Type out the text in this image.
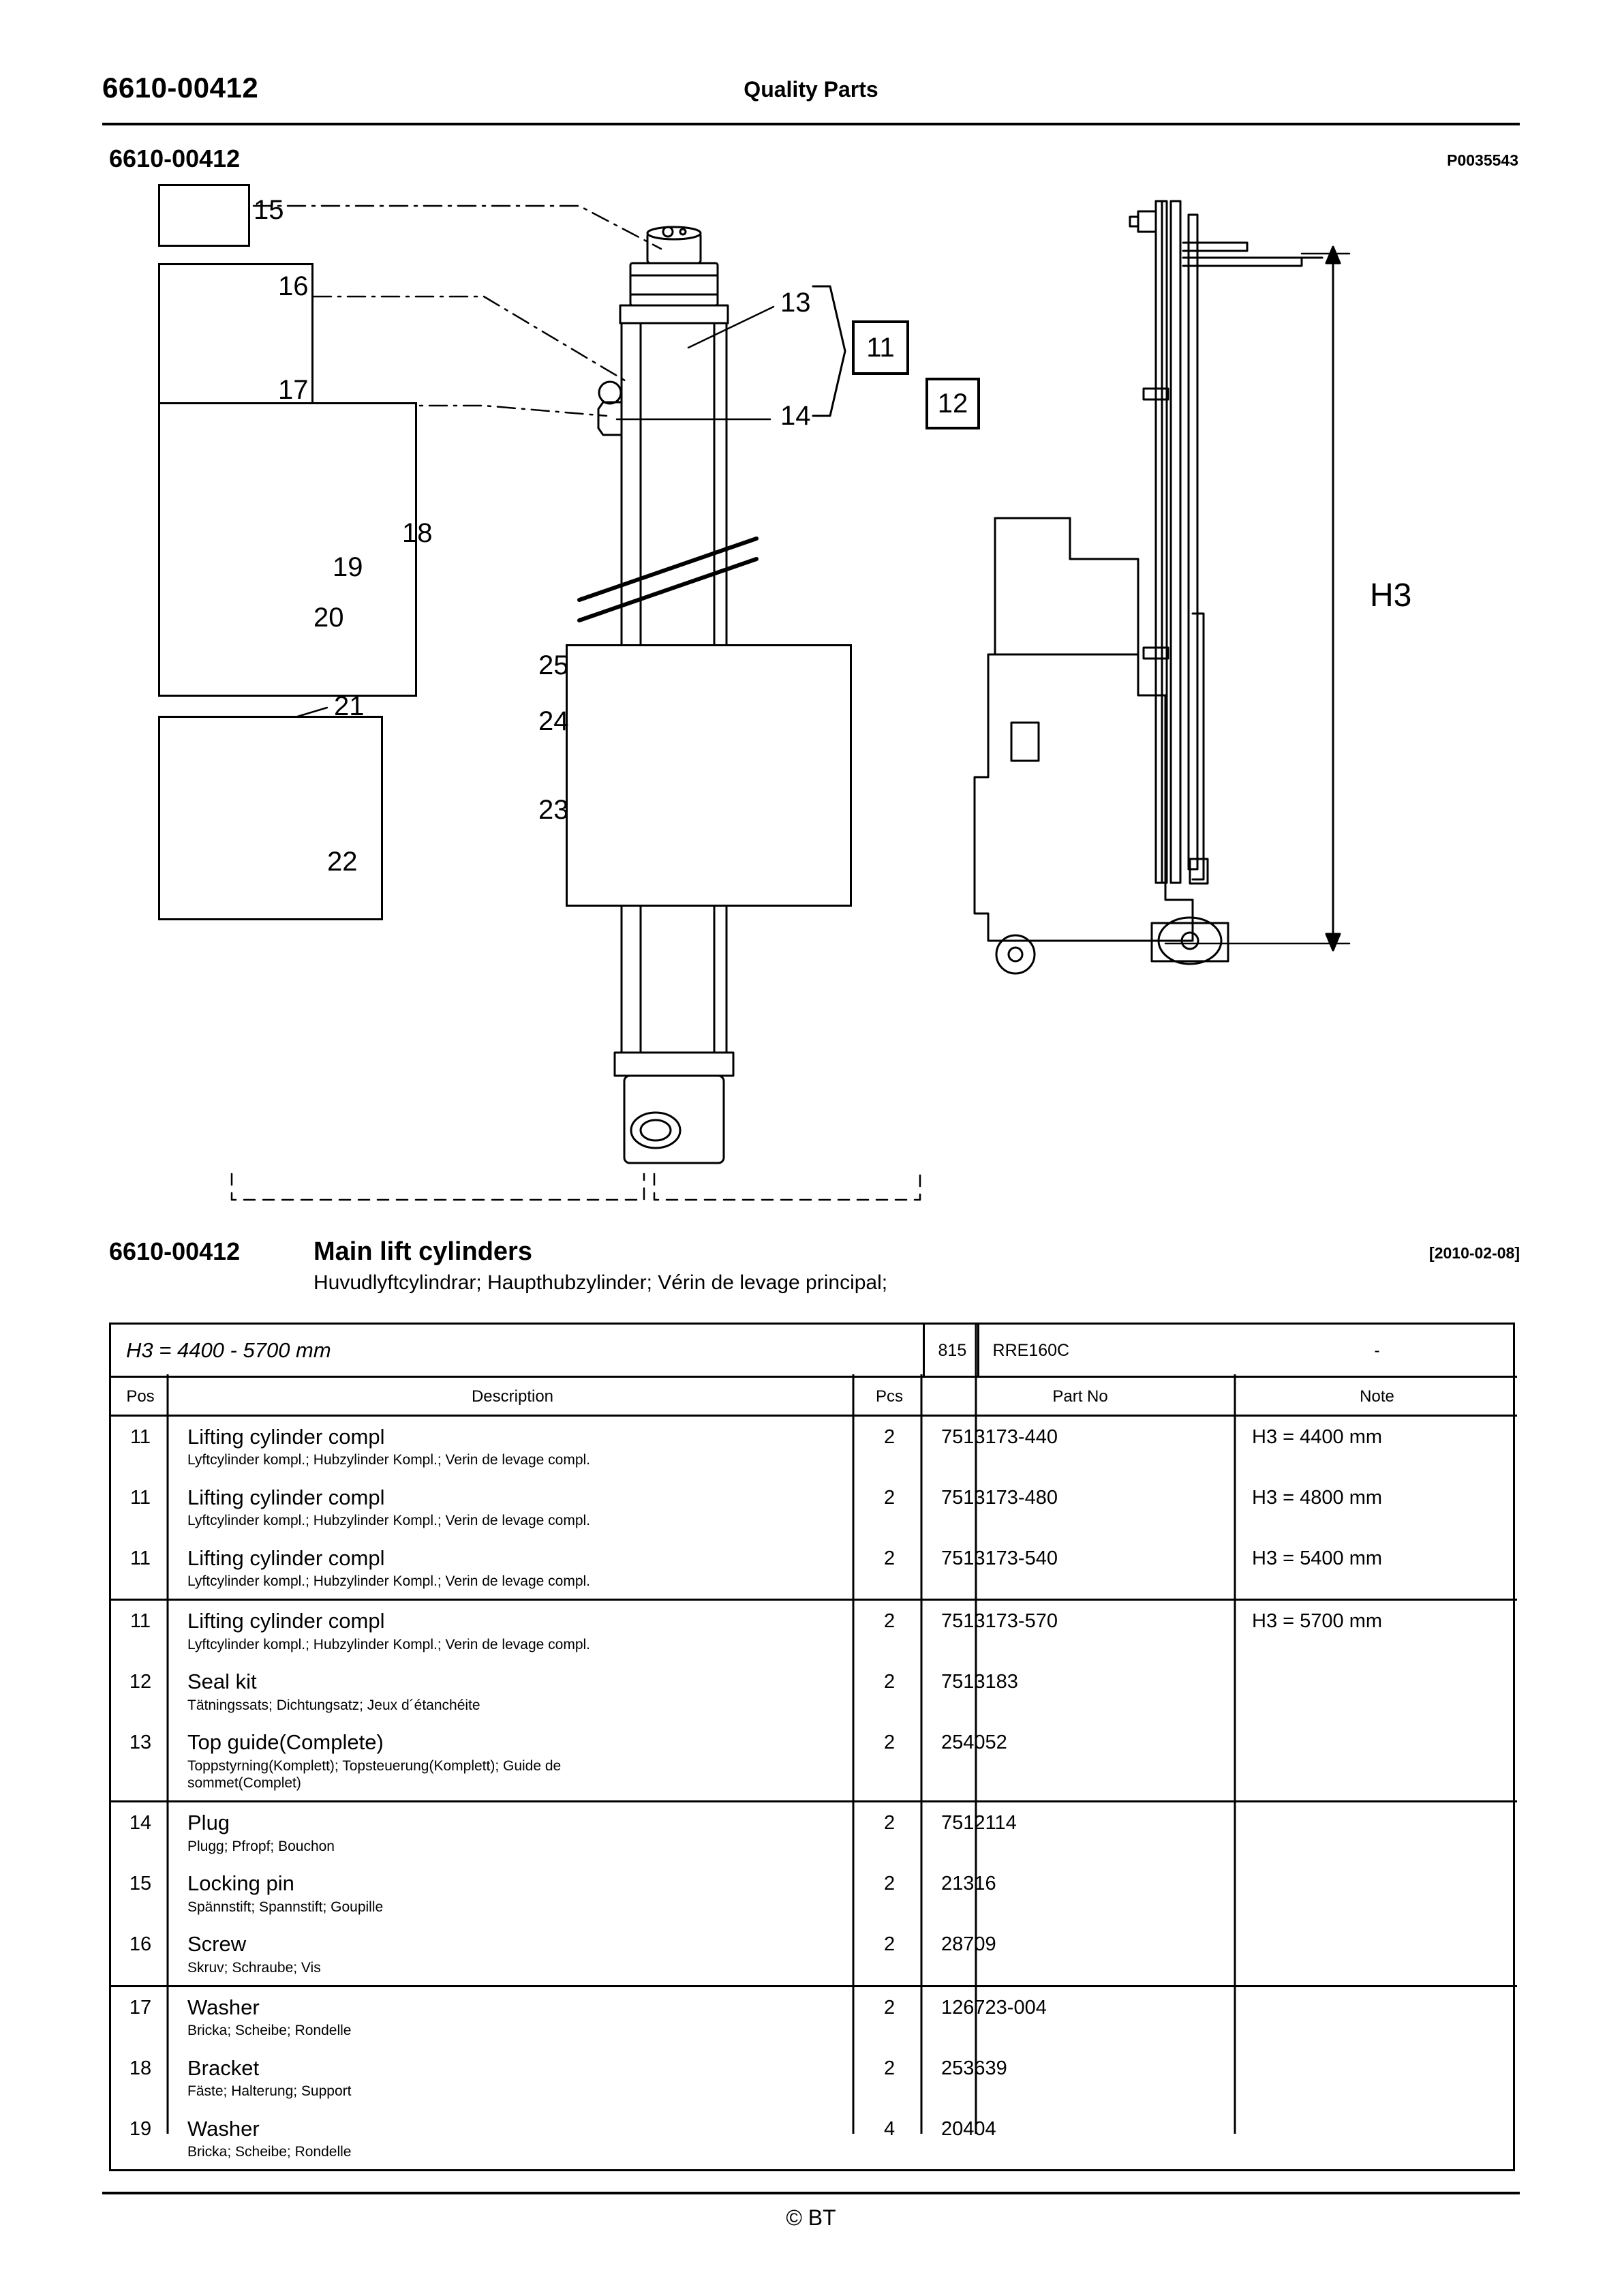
6610-00412	Quality Parts
6610-00412	P0035543
15
16
17
18
19
20
21
22
23
24
25
13
14
11
12
H3
6610-00412	Main lift cylinders
Huvudlyftcylindrar; Haupthubzylinder; Vérin de levage principal;
[2010-02-08]
H3 = 4400 - 5700 mm			815	RRE160C	-
Pos	Description	Pcs	Part No		Note
11	Lifting cylinder compl
Lyftcylinder kompl.; Hubzylinder Kompl.; Verin de levage compl.	2	7513173-440		H3 = 4400 mm
11	Lifting cylinder compl
Lyftcylinder kompl.; Hubzylinder Kompl.; Verin de levage compl.	2	7513173-480		H3 = 4800 mm
11	Lifting cylinder compl
Lyftcylinder kompl.; Hubzylinder Kompl.; Verin de levage compl.	2	7513173-540		H3 = 5400 mm
11	Lifting cylinder compl
Lyftcylinder kompl.; Hubzylinder Kompl.; Verin de levage compl.	2	7513173-570		H3 = 5700 mm
12	Seal kit
Tätningssats; Dichtungsatz; Jeux d´étanchéite	2	7513183		
13	Top guide(Complete)
Toppstyrning(Komplett); Topsteuerung(Komplett); Guide de sommet(Complet)	2	254052		
14	Plug
Plugg; Pfropf; Bouchon	2	7512114		
15	Locking pin
Spännstift; Spannstift; Goupille	2	21316		
16	Screw
Skruv; Schraube; Vis	2	28709		
17	Washer
Bricka; Scheibe; Rondelle	2	126723-004		
18	Bracket
Fäste; Halterung; Support	2	253639		
19	Washer
Bricka; Scheibe; Rondelle	4	20404		
© BT
